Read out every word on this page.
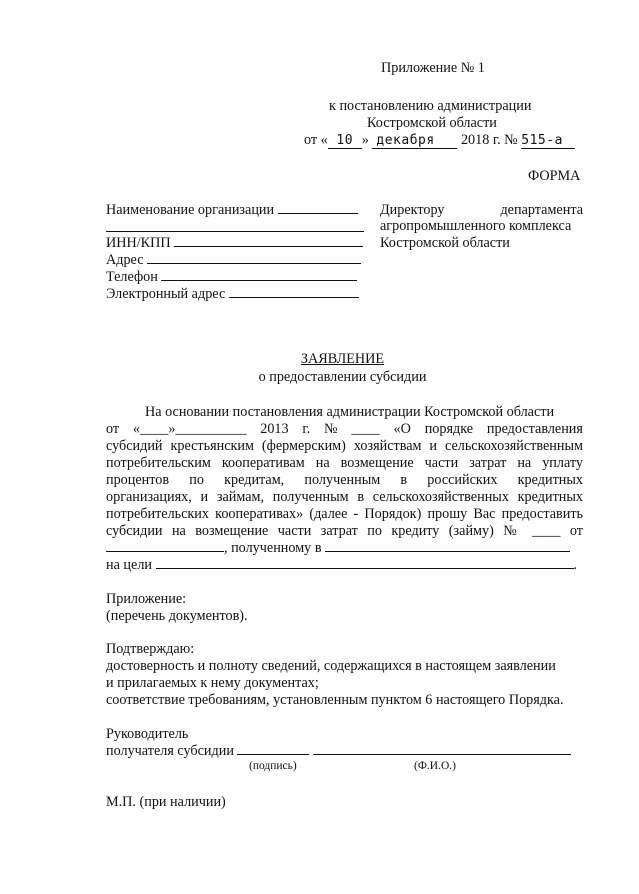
Приложение № 1
к постановлению администрации
Костромской области
от « 10 » декабря 2018 г. № 515-а
ФОРМА
Наименование организации
ИНН/КПП
Адрес
Телефон
Электронный адрес
Директору	департамента
агропромышленного комплекса
Костромской области
ЗАЯВЛЕНИЕ
о предоставлении субсидии
На основании постановления администрации Костромской области
от «____»__________ 2013 г. № ____ «О порядке предоставления
субсидий крестьянским (фермерским) хозяйствам и сельскохозяйственным
потребительским кооперативам на возмещение части затрат на уплату
процентов по кредитам, полученным в российских кредитных
организациях, и займам, полученным в сельскохозяйственных кредитных
потребительских кооперативах» (далее - Порядок) прошу Вас предоставить
субсидии на возмещение части затрат по кредиту (займу) № ____ от
, полученному в
на цели	.
Приложение:
(перечень документов).
Подтверждаю:
достоверность и полноту сведений, содержащихся в настоящем заявлении
и прилагаемых к нему документах;
соответствие требованиям, установленным пунктом 6 настоящего Порядка.
Руководитель
получателя субсидии
(подпись)	(Ф.И.О.)
М.П. (при наличии)
